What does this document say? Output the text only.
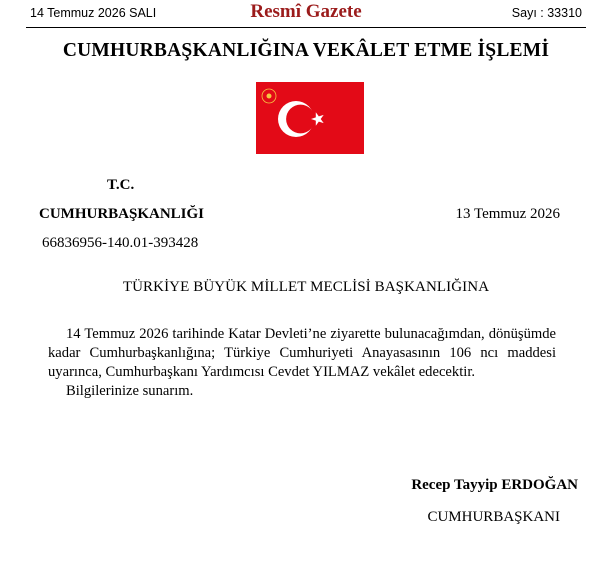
14 Temmuz 2026 SALI	Resmî Gazete	Sayı : 33310
CUMHURBAŞKANLIĞINA VEKÂLET ETME İŞLEMİ
T.C.
CUMHURBAŞKANLIĞI	13 Temmuz 2026
66836956-140.01-393428
TÜRKİYE BÜYÜK MİLLET MECLİSİ BAŞKANLIĞINA

14 Temmuz 2026 tarihinde Katar Devleti’ne ziyarette bulunacağımdan, dönüşümde kadar Cumhurbaşkanlığına; Türkiye Cumhuriyeti Anayasasının 106 ncı maddesi uyarınca, Cumhurbaşkanı Yardımcısı Cevdet YILMAZ vekâlet edecektir.

Bilgilerinize sunarım.
Recep Tayyip ERDOĞAN
CUMHURBAŞKANI
